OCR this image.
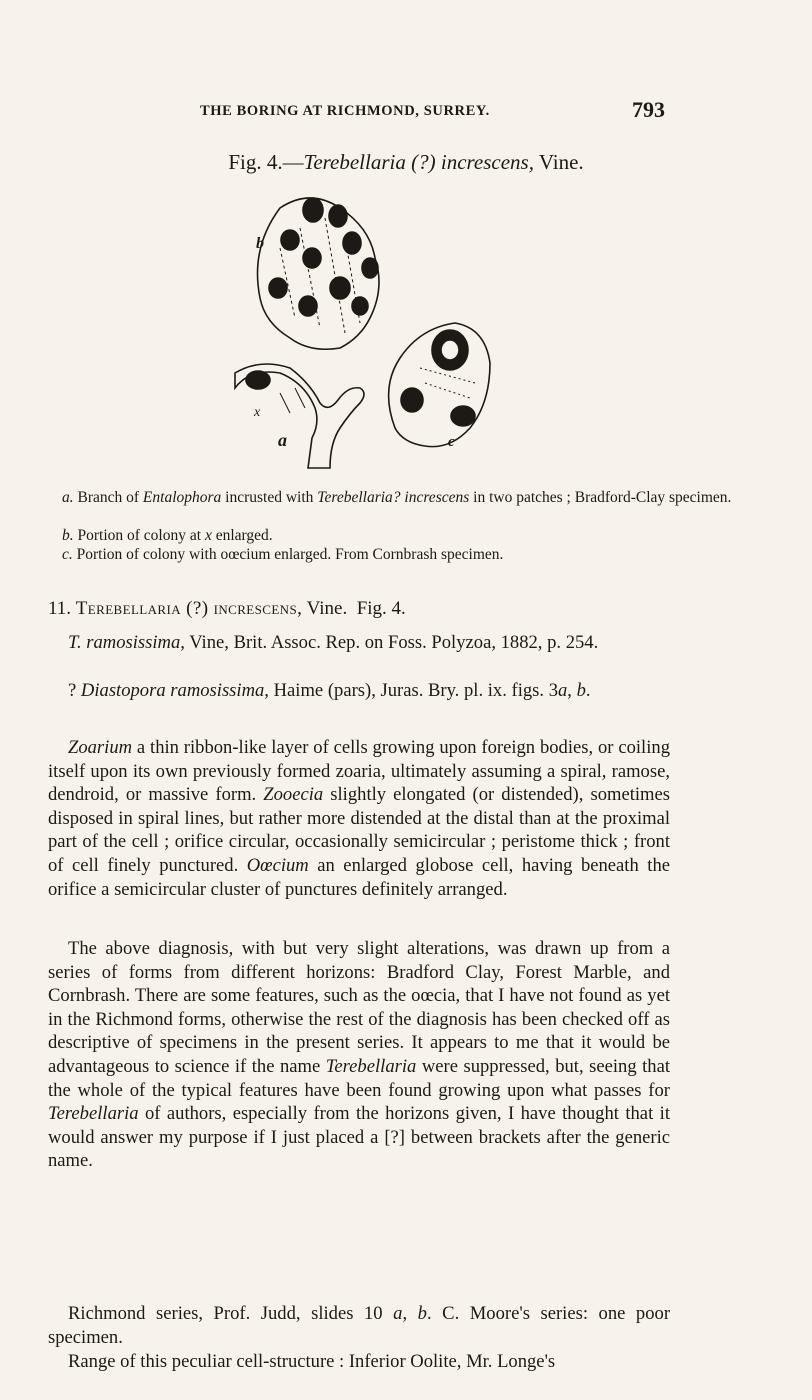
THE BORING AT RICHMOND, SURREY.	793
Fig. 4.—Terebellaria (?) increscens, Vine.
b
x
a	c
a. Branch of Entalophora incrusted with Terebellaria? increscens in two patches ; Bradford-Clay specimen.
b. Portion of colony at x enlarged.
c. Portion of colony with oœcium enlarged. From Cornbrash specimen.
11. Terebellaria (?) increscens, Vine. Fig. 4.
T. ramosissima, Vine, Brit. Assoc. Rep. on Foss. Polyzoa, 1882, p. 254.
? Diastopora ramosissima, Haime (pars), Juras. Bry. pl. ix. figs. 3a, b.
Zoarium a thin ribbon-like layer of cells growing upon foreign bodies, or coiling itself upon its own previously formed zoaria, ultimately assuming a spiral, ramose, dendroid, or massive form. Zooecia slightly elongated (or distended), sometimes disposed in spiral lines, but rather more distended at the distal than at the proximal part of the cell ; orifice circular, occasionally semicircular ; peristome thick ; front of cell finely punctured. Oœcium an enlarged globose cell, having beneath the orifice a semicircular cluster of punctures definitely arranged.
The above diagnosis, with but very slight alterations, was drawn up from a series of forms from different horizons: Bradford Clay, Forest Marble, and Cornbrash. There are some features, such as the oœcia, that I have not found as yet in the Richmond forms, otherwise the rest of the diagnosis has been checked off as descriptive of specimens in the present series. It appears to me that it would be advantageous to science if the name Terebellaria were suppressed, but, seeing that the whole of the typical features have been found growing upon what passes for Terebellaria of authors, especially from the horizons given, I have thought that it would answer my purpose if I just placed a [?] between brackets after the generic name.
Richmond series, Prof. Judd, slides 10 a, b. C. Moore's series: one poor specimen.
Range of this peculiar cell-structure : Inferior Oolite, Mr. Longe's
